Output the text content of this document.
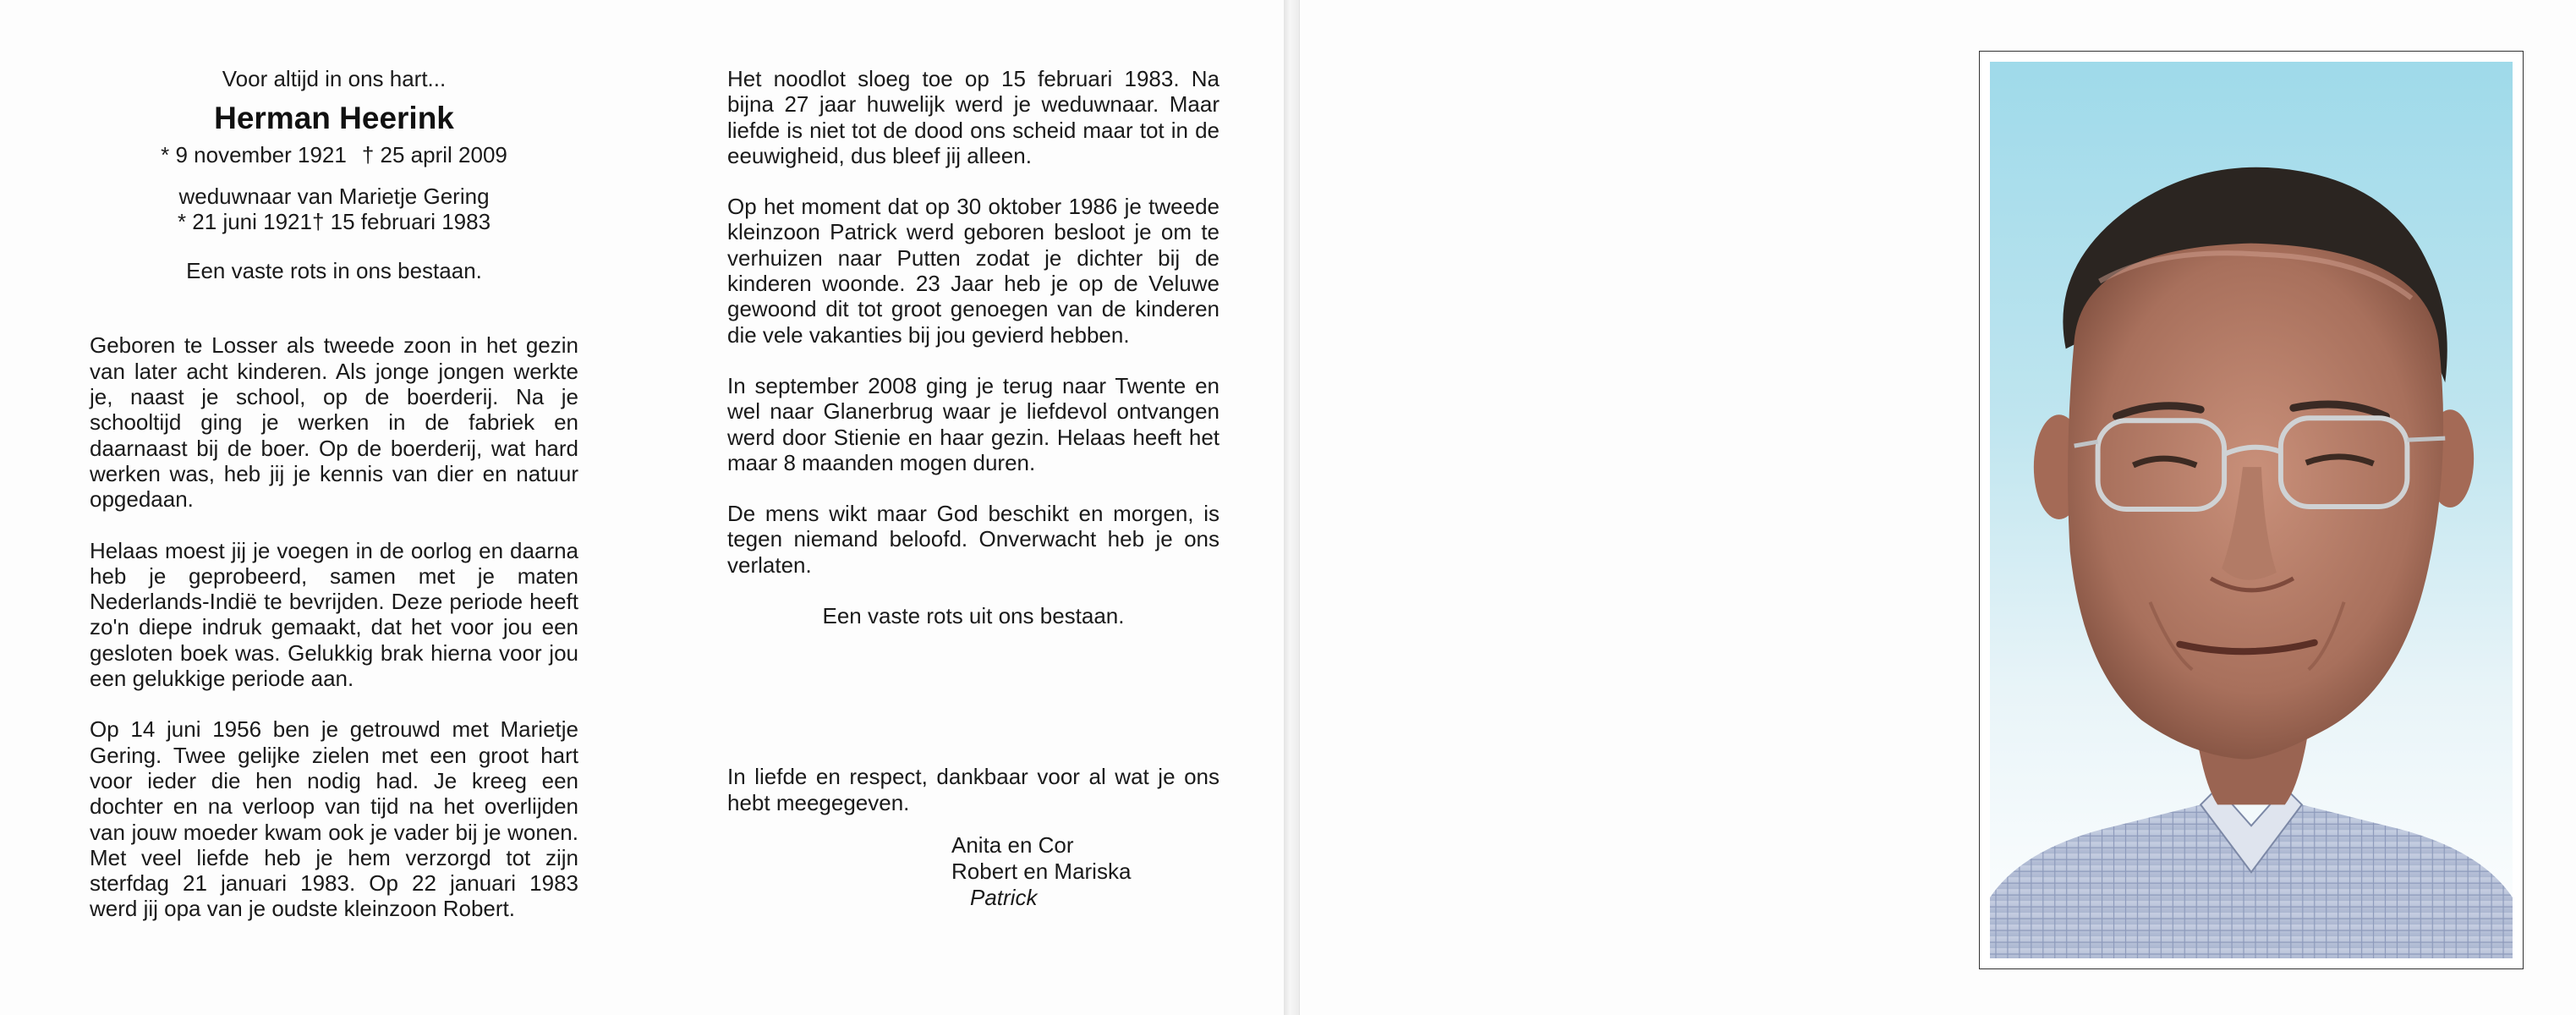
Voor altijd in ons hart...
Herman Heerink
* 9 november 1921 † 25 april 2009
weduwnaar van Marietje Gering
* 21 juni 1921† 15 februari 1983
Een vaste rots in ons bestaan.

Geboren te Losser als tweede zoon in het gezin van later acht kinderen. Als jonge jongen werkte je, naast je school, op de boerderij. Na je schooltijd ging je werken in de fabriek en daarnaast bij de boer. Op de boerderij, wat hard werken was, heb jij je kennis van dier en natuur opgedaan.

Helaas moest jij je voegen in de oorlog en daarna heb je geprobeerd, samen met je maten Nederlands-Indië te bevrijden. Deze periode heeft zo'n diepe indruk gemaakt, dat het voor jou een gesloten boek was. Gelukkig brak hierna voor jou een gelukkige periode aan.

Op 14 juni 1956 ben je getrouwd met Marietje Gering. Twee gelijke zielen met een groot hart voor ieder die hen nodig had. Je kreeg een dochter en na verloop van tijd na het overlijden van jouw moeder kwam ook je vader bij je wonen. Met veel liefde heb je hem verzorgd tot zijn sterfdag 21 januari 1983. Op 22 januari 1983 werd jij opa van je oudste kleinzoon Robert.

Het noodlot sloeg toe op 15 februari 1983. Na bijna 27 jaar huwelijk werd je weduwnaar. Maar liefde is niet tot de dood ons scheid maar tot in de eeuwigheid, dus bleef jij alleen.

Op het moment dat op 30 oktober 1986 je tweede kleinzoon Patrick werd geboren besloot je om te verhuizen naar Putten zodat je dichter bij de kinderen woonde. 23 Jaar heb je op de Veluwe gewoond dit tot groot genoegen van de kinderen die vele vakanties bij jou gevierd hebben.

In september 2008 ging je terug naar Twente en wel naar Glanerbrug waar je liefdevol ontvangen werd door Stienie en haar gezin. Helaas heeft het maar 8 maanden mogen duren.

De mens wikt maar God beschikt en morgen, is tegen niemand beloofd. Onverwacht heb je ons verlaten.

Een vaste rots uit ons bestaan.
In liefde en respect, dankbaar voor al wat je ons hebt meegegeven.
Anita en Cor
Robert en Mariska
Patrick
